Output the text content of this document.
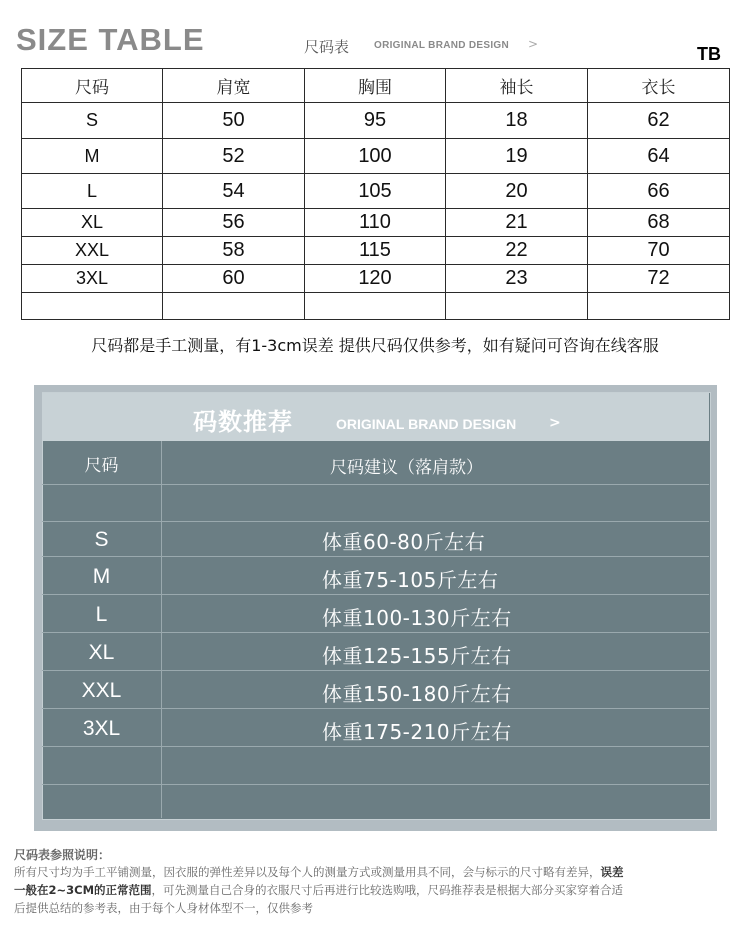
SIZE TABLE	尺码表 ORIGINAL BRAND DESIGN >	TB
尺码	肩宽	胸围	袖长	衣长
S	50	95	18	62
M	52	100	19	64
L	54	105	20	66
XL	56	110	21	68
XXL	58	115	22	70
3XL	60	120	23	72

尺码都是手工测量，有1-3cm误差 提供尺码仅供参考，如有疑问可咨询在线客服
码数推荐	ORIGINAL BRAND DESIGN >
尺码	尺码建议（落肩款）
S	体重60-80斤左右
M	体重75-105斤左右
L	体重100-130斤左右
XL	体重125-155斤左右
XXL	体重150-180斤左右
3XL	体重175-210斤左右
尺码表参照说明：
所有尺寸均为手工平铺测量，因衣服的弹性差异以及每个人的测量方式或测量用具不同，会与标示的尺寸略有差异，误差
一般在2~3CM的正常范围，可先测量自己合身的衣服尺寸后再进行比较选购哦，尺码推荐表是根据大部分买家穿着合适
后提供总结的参考表，由于每个人身材体型不一，仅供参考
